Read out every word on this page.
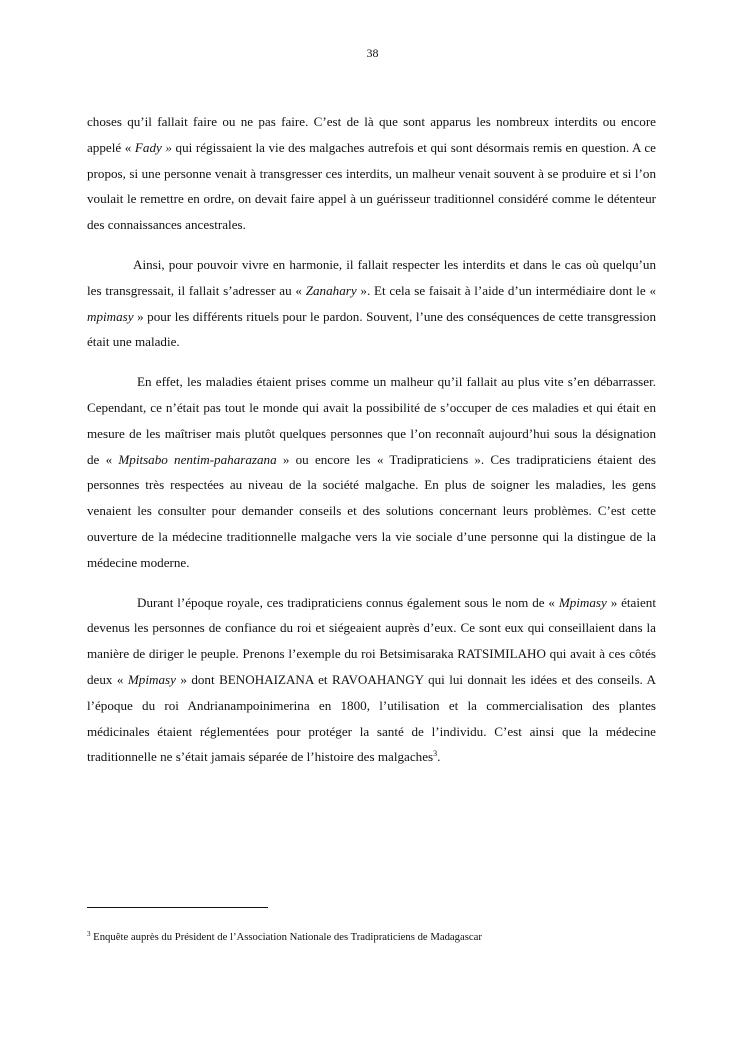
38

choses qu’il fallait faire ou ne pas faire. C’est de là que sont apparus les nombreux interdits ou encore appelé « Fady » qui régissaient la vie des malgaches autrefois et qui sont désormais remis en question. A ce propos, si une personne venait à transgresser ces interdits, un malheur venait souvent à se produire et si l’on voulait le remettre en ordre, on devait faire appel à un guérisseur traditionnel considéré comme le détenteur des connaissances ancestrales.

Ainsi, pour pouvoir vivre en harmonie, il fallait respecter les interdits et dans le cas où quelqu’un les transgressait, il fallait s’adresser au « Zanahary ». Et cela se faisait à l’aide d’un intermédiaire dont le « mpimasy » pour les différents rituels pour le pardon. Souvent, l’une des conséquences de cette transgression était une maladie.

En effet, les maladies étaient prises comme un malheur qu’il fallait au plus vite s’en débarrasser. Cependant, ce n’était pas tout le monde qui avait la possibilité de s’occuper de ces maladies et qui était en mesure de les maîtriser mais plutôt quelques personnes que l’on reconnaît aujourd’hui sous la désignation de « Mpitsabo nentim-paharazana » ou encore les « Tradipraticiens ». Ces tradipraticiens étaient des personnes très respectées au niveau de la société malgache. En plus de soigner les maladies, les gens venaient les consulter pour demander conseils et des solutions concernant leurs problèmes. C’est cette ouverture de la médecine traditionnelle malgache vers la vie sociale d’une personne qui la distingue de la médecine moderne.

Durant l’époque royale, ces tradipraticiens connus également sous le nom de « Mpimasy » étaient devenus les personnes de confiance du roi et siégeaient auprès d’eux. Ce sont eux qui conseillaient dans la manière de diriger le peuple. Prenons l’exemple du roi Betsimisaraka RATSIMILAHO qui avait à ces côtés deux « Mpimasy » dont BENOHAIZANA et RAVOAHANGY qui lui donnait les idées et des conseils. A l’époque du roi Andrianampoinimerina en 1800, l’utilisation et la commercialisation des plantes médicinales étaient réglementées pour protéger la santé de l’individu. C’est ainsi que la médecine traditionnelle ne s’était jamais séparée de l’histoire des malgaches$^3$.

$^3$ Enquête auprès du Président de l’Association Nationale des Tradipraticiens de Madagascar
